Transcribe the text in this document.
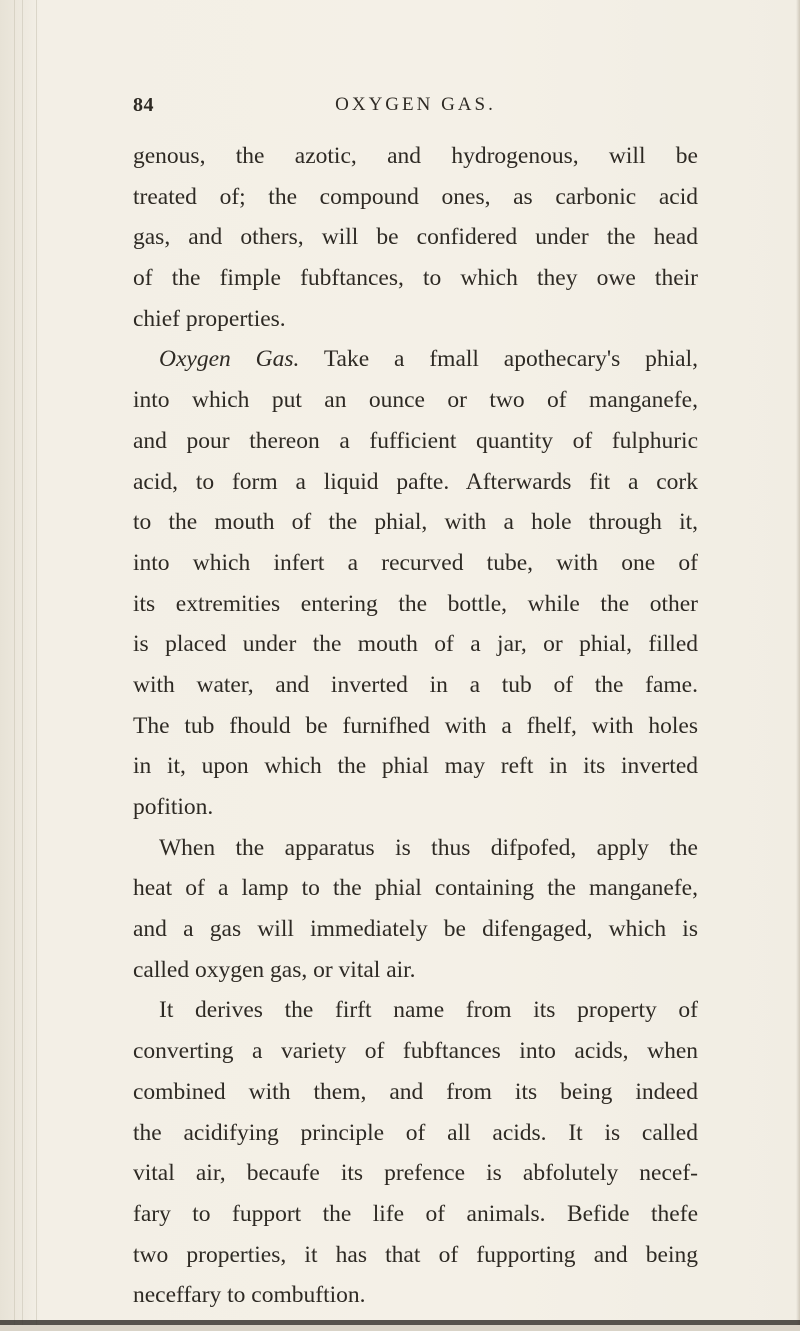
84	OXYGEN GAS.
genous, the azotic, and hydrogenous, will be
treated of; the compound ones, as carbonic acid
gas, and others, will be confidered under the head
of the fimple fubftances, to which they owe their
chief properties.
Oxygen Gas. Take a fmall apothecary's phial,
into which put an ounce or two of manganefe,
and pour thereon a fufficient quantity of fulphuric
acid, to form a liquid pafte. Afterwards fit a cork
to the mouth of the phial, with a hole through it,
into which infert a recurved tube, with one of
its extremities entering the bottle, while the other
is placed under the mouth of a jar, or phial, filled
with water, and inverted in a tub of the fame.
The tub fhould be furnifhed with a fhelf, with holes
in it, upon which the phial may reft in its inverted
pofition.
When the apparatus is thus difpofed, apply the
heat of a lamp to the phial containing the manganefe,
and a gas will immediately be difengaged, which is
called oxygen gas, or vital air.
It derives the firft name from its property of
converting a variety of fubftances into acids, when
combined with them, and from its being indeed
the acidifying principle of all acids. It is called
vital air, becaufe its prefence is abfolutely necef-
fary to fupport the life of animals. Befide thefe
two properties, it has that of fupporting and being
neceffary to combuftion.
